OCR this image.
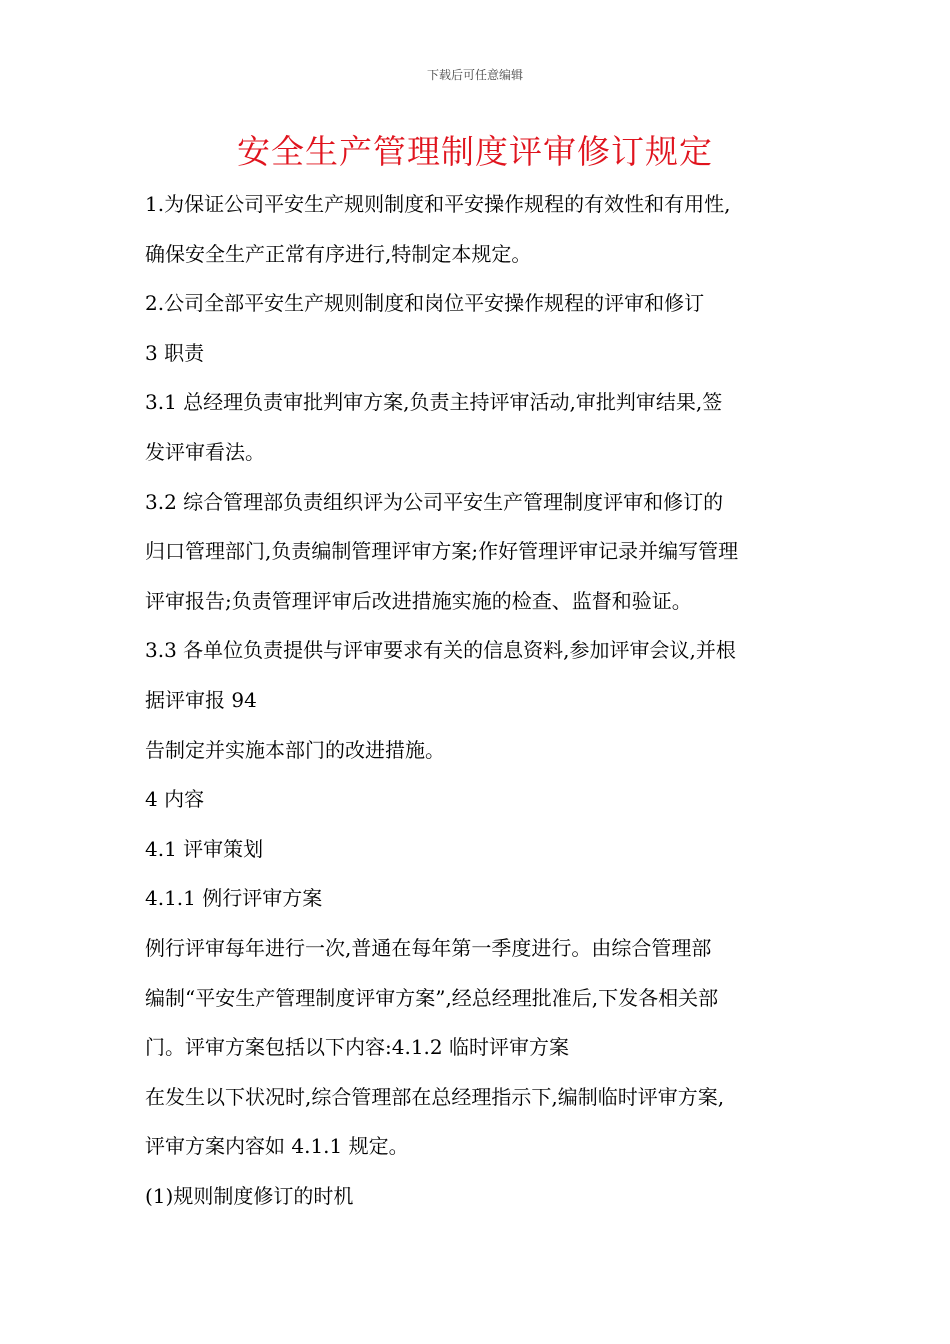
下载后可任意编辑
安全生产管理制度评审修订规定
1.为保证公司平安生产规则制度和平安操作规程的有效性和有用性,
确保安全生产正常有序进行,特制定本规定。
2.公司全部平安生产规则制度和岗位平安操作规程的评审和修订
3 职责
3.1 总经理负责审批判审方案,负责主持评审活动,审批判审结果,签
发评审看法。
3.2 综合管理部负责组织评为公司平安生产管理制度评审和修订的
归口管理部门,负责编制管理评审方案;作好管理评审记录并编写管理
评审报告;负责管理评审后改进措施实施的检查、监督和验证。
3.3 各单位负责提供与评审要求有关的信息资料,参加评审会议,并根
据评审报 94
告制定并实施本部门的改进措施。
4 内容
4.1 评审策划
4.1.1 例行评审方案
例行评审每年进行一次,普通在每年第一季度进行。由综合管理部
编制“平安生产管理制度评审方案”,经总经理批准后,下发各相关部
门。评审方案包括以下内容:4.1.2 临时评审方案
在发生以下状况时,综合管理部在总经理指示下,编制临时评审方案,
评审方案内容如 4.1.1 规定。
(1)规则制度修订的时机
